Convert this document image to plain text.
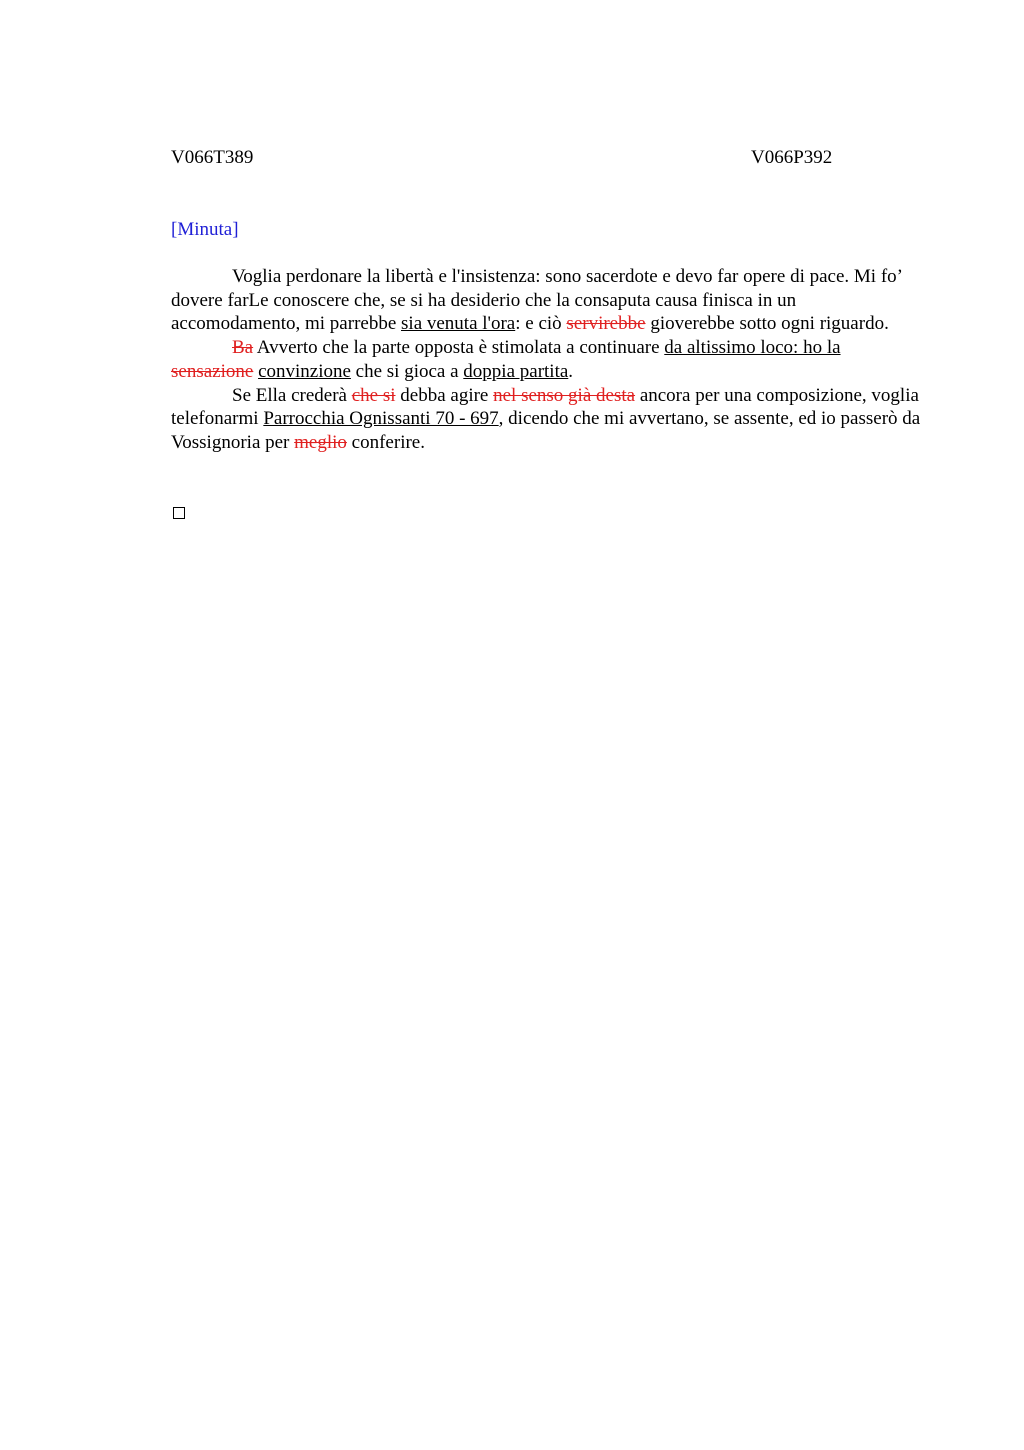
V066T389	V066P392
[Minuta]

Voglia perdonare la libertà e l'insistenza: sono sacerdote e devo far opere di pace. Mi fo’ dovere farLe conoscere che, se si ha desiderio che la consaputa causa finisca in un accomodamento, mi parrebbe sia venuta l'ora: e ciò servirebbe gioverebbe sotto ogni riguardo.

Ba Avverto che la parte opposta è stimolata a continuare da altissimo loco: ho la sensazione convinzione che si gioca a doppia partita.

Se Ella crederà che si debba agire nel senso già desta ancora per una composizione, voglia telefonarmi Parrocchia Ognissanti 70 - 697, dicendo che mi avvertano, se assente, ed io passerò da Vossignoria per meglio conferire.
